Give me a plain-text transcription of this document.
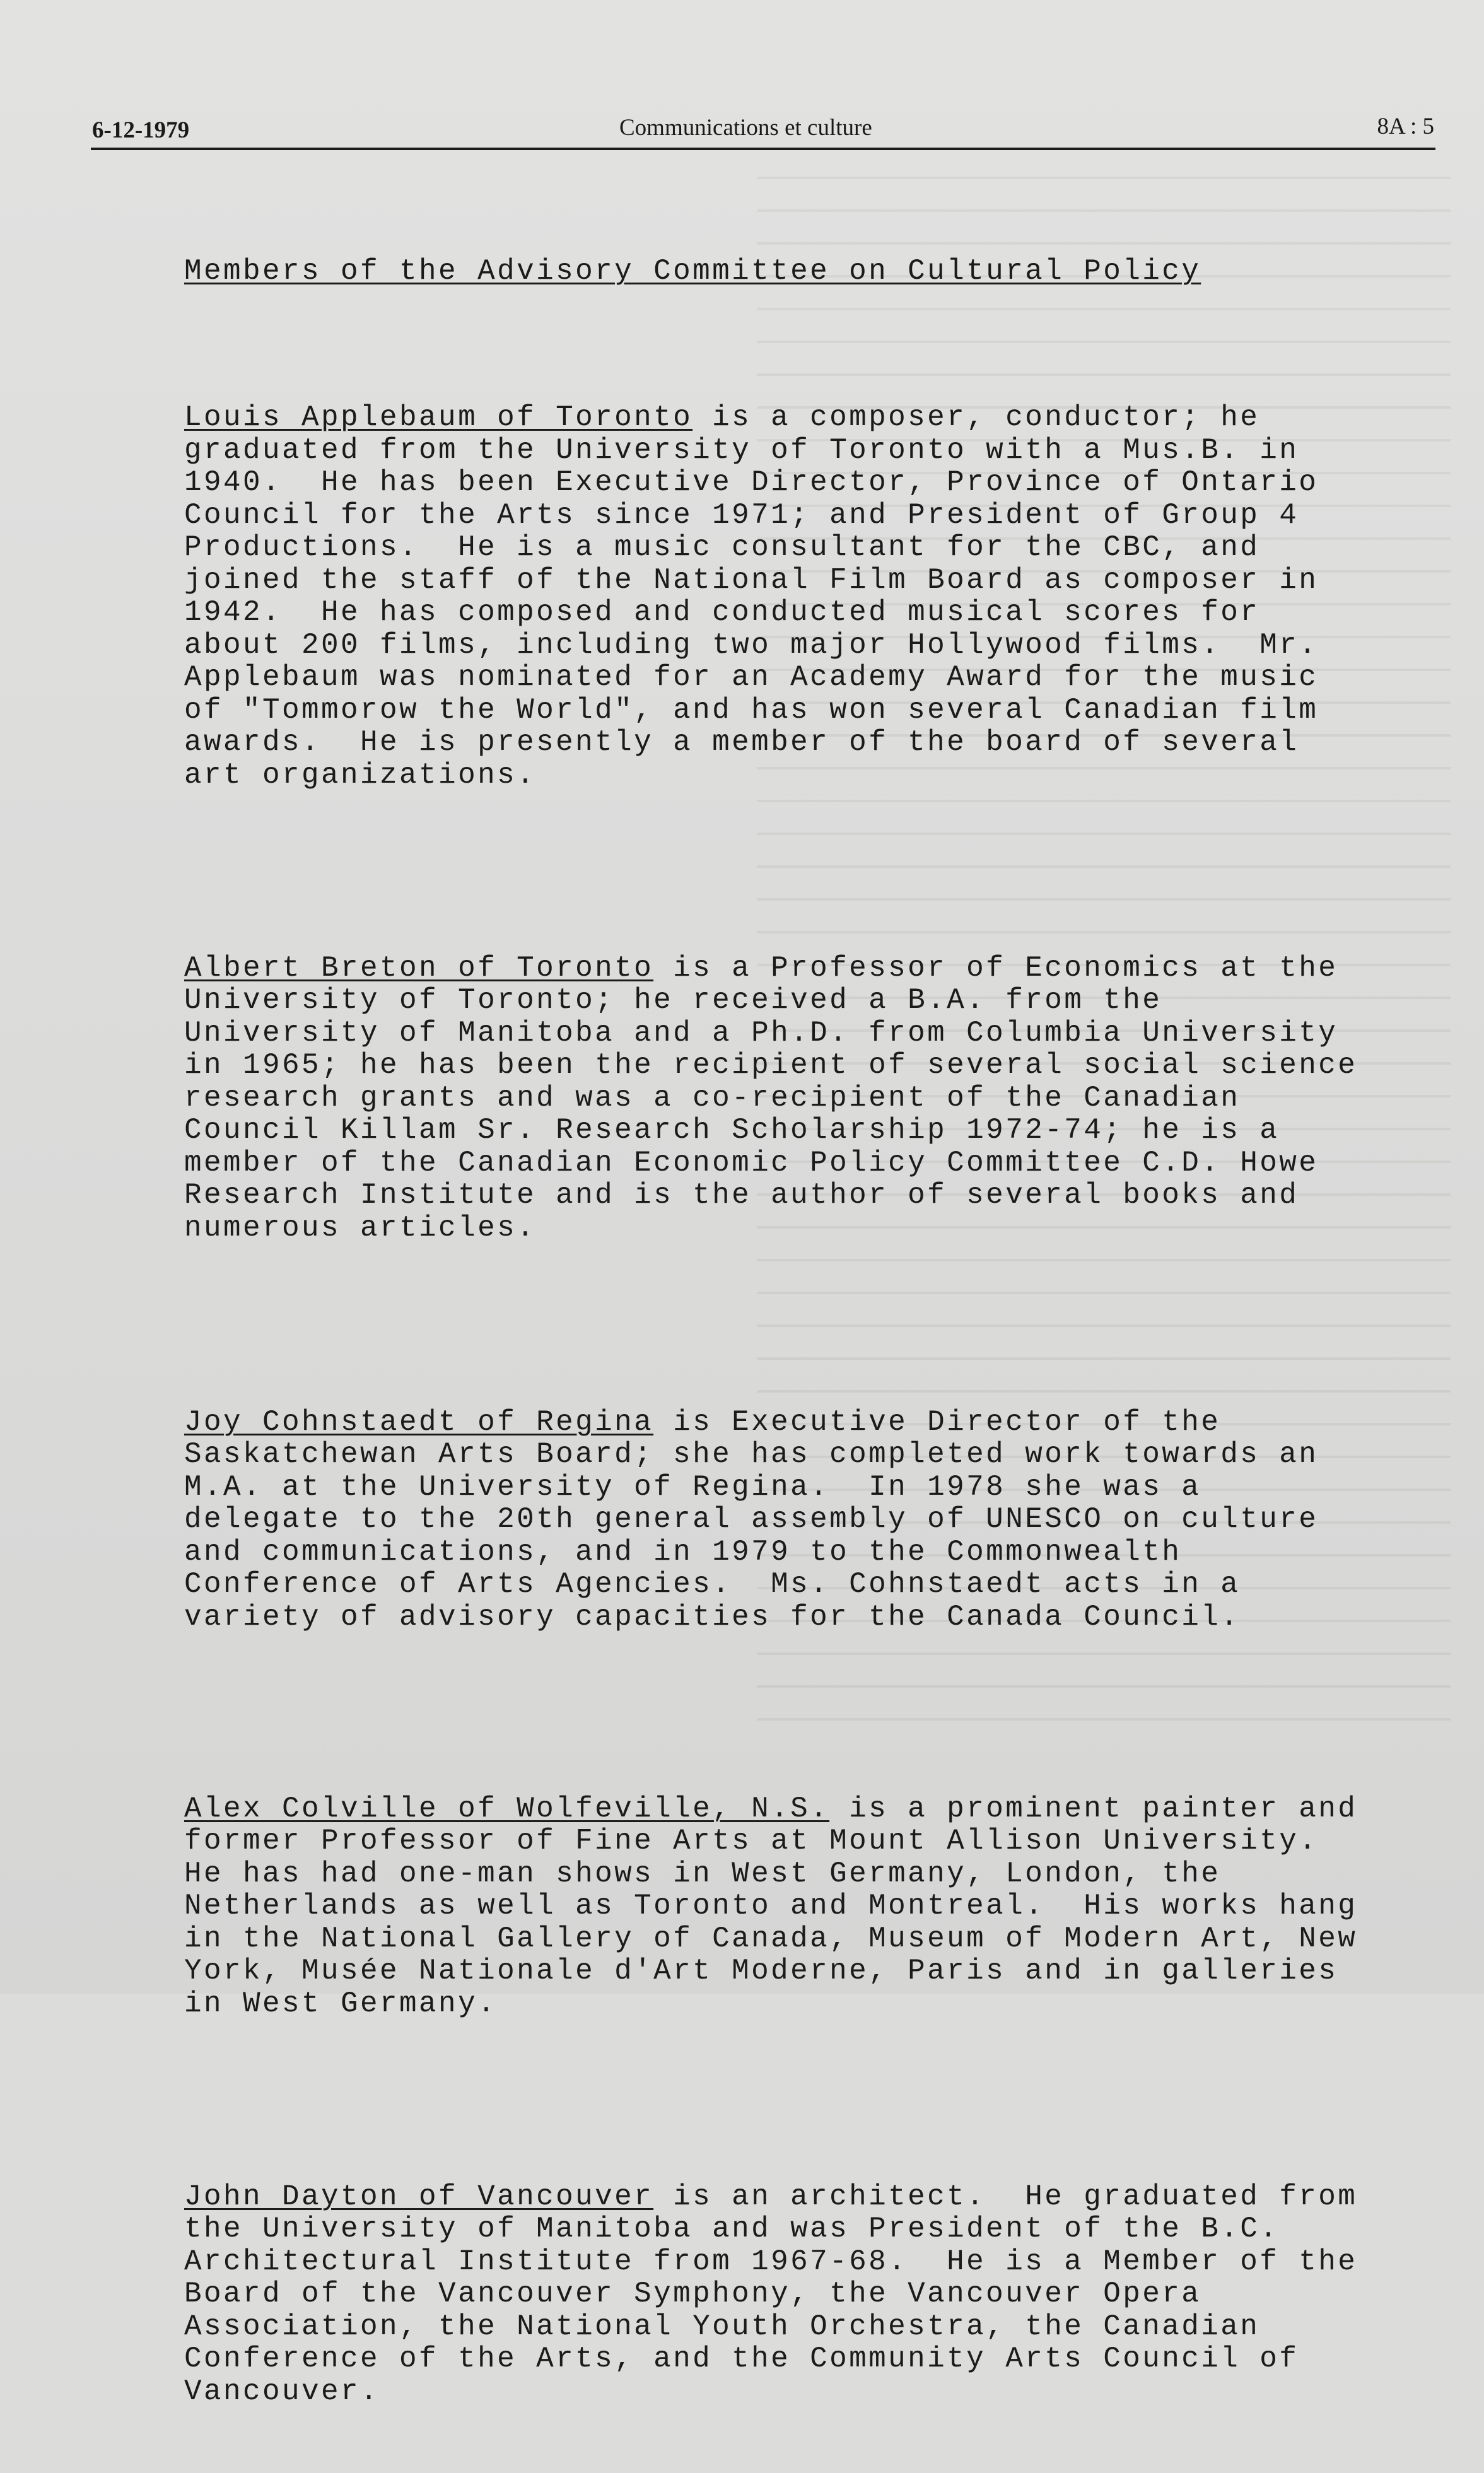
6-12-1979	Communications et culture	8A : 5

Members of the Advisory Committee on Cultural Policy

Louis Applebaum of Toronto is a composer, conductor; he
graduated from the University of Toronto with a Mus.B. in
1940.  He has been Executive Director, Province of Ontario
Council for the Arts since 1971; and President of Group 4
Productions.  He is a music consultant for the CBC, and
joined the staff of the National Film Board as composer in
1942.  He has composed and conducted musical scores for
about 200 films, including two major Hollywood films.  Mr.
Applebaum was nominated for an Academy Award for the music
of "Tommorow the World", and has won several Canadian film
awards.  He is presently a member of the board of several
art organizations.

Albert Breton of Toronto is a Professor of Economics at the
University of Toronto; he received a B.A. from the
University of Manitoba and a Ph.D. from Columbia University
in 1965; he has been the recipient of several social science
research grants and was a co-recipient of the Canadian
Council Killam Sr. Research Scholarship 1972-74; he is a
member of the Canadian Economic Policy Committee C.D. Howe
Research Institute and is the author of several books and
numerous articles.

Joy Cohnstaedt of Regina is Executive Director of the
Saskatchewan Arts Board; she has completed work towards an
M.A. at the University of Regina.  In 1978 she was a
delegate to the 20th general assembly of UNESCO on culture
and communications, and in 1979 to the Commonwealth
Conference of Arts Agencies.  Ms. Cohnstaedt acts in a
variety of advisory capacities for the Canada Council.

Alex Colville of Wolfeville, N.S. is a prominent painter and
former Professor of Fine Arts at Mount Allison University.
He has had one-man shows in West Germany, London, the
Netherlands as well as Toronto and Montreal.  His works hang
in the National Gallery of Canada, Museum of Modern Art, New
York, Musée Nationale d'Art Moderne, Paris and in galleries
in West Germany.

John Dayton of Vancouver is an architect.  He graduated from
the University of Manitoba and was President of the B.C.
Architectural Institute from 1967-68.  He is a Member of the
Board of the Vancouver Symphony, the Vancouver Opera
Association, the National Youth Orchestra, the Canadian
Conference of the Arts, and the Community Arts Council of
Vancouver.
